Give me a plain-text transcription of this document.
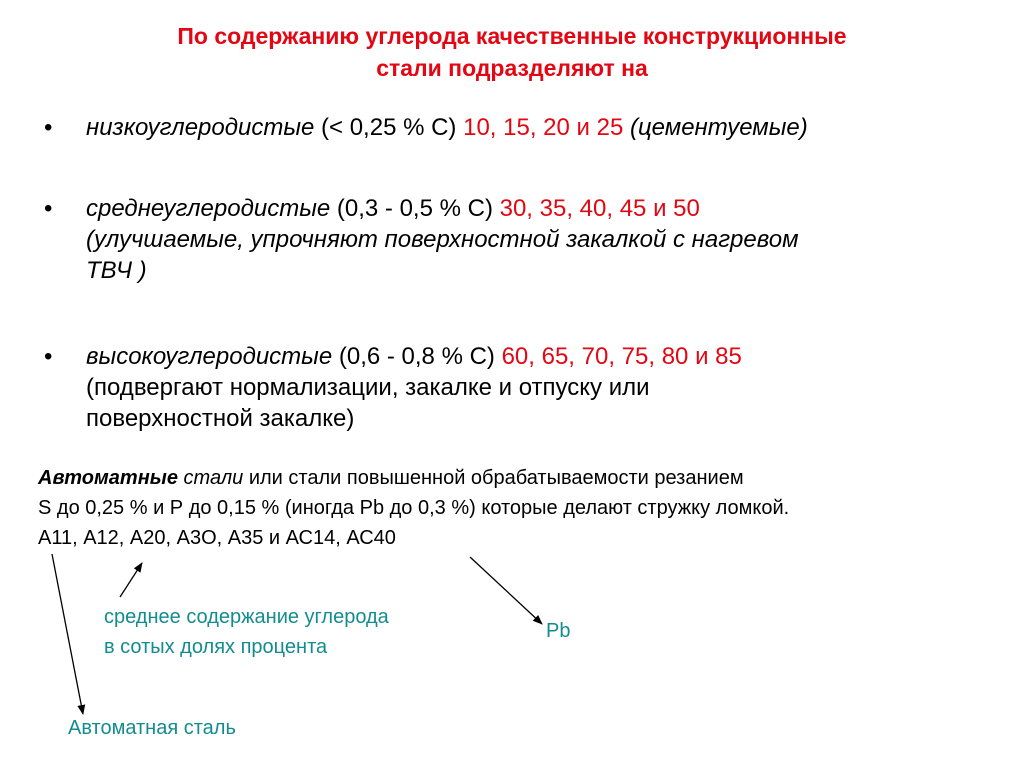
По содержанию углерода качественные конструкционные
стали подразделяют на
• низкоуглеродистые (< 0,25 % С) 10, 15, 20 и 25 (цементуемые)
• среднеуглеродистые (0,3 - 0,5 % С) 30, 35, 40, 45 и 50
(улучшаемые, упрочняют поверхностной закалкой с нагревом
ТВЧ )
• высокоуглеродистые (0,6 - 0,8 % С) 60, 65, 70, 75, 80 и 85
(подвергают нормализации, закалке и отпуску или
поверхностной закалке)
Автоматные стали или стали повышенной обрабатываемости резанием
S до 0,25 % и Р до 0,15 % (иногда Pb до 0,3 %) которые делают стружку ломкой.
А11, А12, А20, А3О, А35 и АС14, АС40
среднее содержание углерода
в сотых долях процента
Pb
Автоматная сталь
